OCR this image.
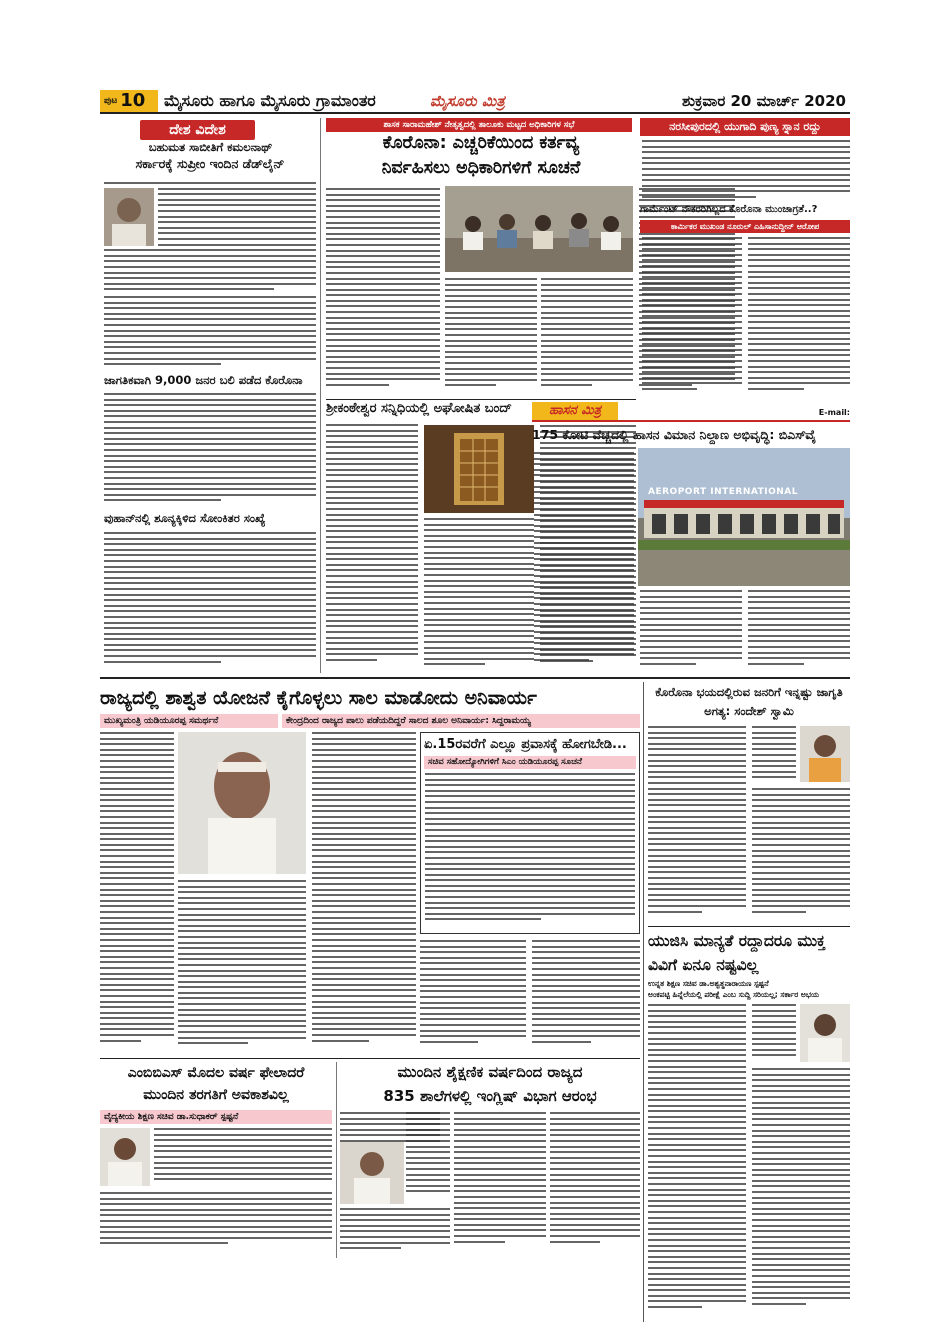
ಪುಟ 10	ಮೈಸೂರು ಹಾಗೂ ಮೈಸೂರು ಗ್ರಾಮಾಂತರ	ಮೈಸೂರು ಮಿತ್ರ	ಶುಕ್ರವಾರ 20 ಮಾರ್ಚ್ 2020
ದೇಶ ವಿದೇಶ
ಬಹುಮತ ಸಾಬೀತಿಗೆ ಕಮಲನಾಥ್
ಸರ್ಕಾರಕ್ಕೆ ಸುಪ್ರೀಂ ಇಂದಿನ ಡೆಡ್‍ಲೈನ್
ಜಾಗತಿಕವಾಗಿ 9,000 ಜನರ ಬಲಿ ಪಡೆದ ಕೊರೊನಾ
ವುಹಾನ್‍ನಲ್ಲಿ ಶೂನ್ಯಕ್ಕಿಳಿದ ಸೋಂಕಿತರ ಸಂಖ್ಯೆ
ಶಾಸಕ ಸಾರಾಮಹೇಶ್ ನೇತೃತ್ವದಲ್ಲಿ ತಾಲೂಕು ಮಟ್ಟದ ಅಧಿಕಾರಿಗಳ ಸಭೆ
ಕೊರೊನಾ: ಎಚ್ಚರಿಕೆಯಿಂದ ಕರ್ತವ್ಯ
ನಿರ್ವಹಿಸಲು ಅಧಿಕಾರಿಗಳಿಗೆ ಸೂಚನೆ
ಶ್ರೀಕಂಠೇಶ್ವರ ಸನ್ನಿಧಿಯಲ್ಲಿ ಅಘೋಷಿತ ಬಂದ್
ನರಸೀಪುರದಲ್ಲಿ ಯುಗಾದಿ ಪುಣ್ಯ ಸ್ನಾನ ರದ್ದು
ಗಾರ್ಮೆಂಟ್ ನೌಕರರಿಗಿಲ್ಲದ ಕೊರೊನಾ ಮುಂಜಾಗ್ರತೆ..?
ಕಾರ್ಮಿಕರ ಮುಖಂಡ ನೂರುಲ್ ಎಹಿಸಾನುದ್ದೀನ್ ಆರೋಪ
ಹಾಸನ ಮಿತ್ರ	E-mail:
175 ಕೋಟಿ ವೆಚ್ಚದಲ್ಲಿ ಹಾಸನ ವಿಮಾನ ನಿಲ್ದಾಣ ಅಭಿವೃದ್ಧಿ: ಬಿಎಸ್‍ವೈ
AEROPORT INTERNATIONAL
ರಾಜ್ಯದಲ್ಲಿ ಶಾಶ್ವತ ಯೋಜನೆ ಕೈಗೊಳ್ಳಲು ಸಾಲ ಮಾಡೋದು ಅನಿವಾರ್ಯ
ಮುಖ್ಯಮಂತ್ರಿ ಯಡಿಯೂರಪ್ಪ ಸಮರ್ಥನೆ	ಕೇಂದ್ರದಿಂದ ರಾಜ್ಯದ ಪಾಲು ಪಡೆಯದಿದ್ದರೆ ಸಾಲದ ಶೂಲ ಅನಿವಾರ್ಯ: ಸಿದ್ದರಾಮಯ್ಯ
ಏ.15ರವರೆಗೆ ಎಲ್ಲೂ ಪ್ರವಾಸಕ್ಕೆ ಹೋಗಬೇಡಿ...
ಸಚಿವ ಸಹೋದ್ಯೋಗಿಗಳಿಗೆ ಸಿಎಂ ಯಡಿಯೂರಪ್ಪ ಸೂಚನೆ
ಕೊರೊನಾ ಭಯದಲ್ಲಿರುವ ಜನರಿಗೆ ಇನ್ನಷ್ಟು ಜಾಗೃತಿ ಅಗತ್ಯ: ಸಂದೇಶ್ ಸ್ವಾಮಿ
ಯುಜಿಸಿ ಮಾನ್ಯತೆ ರದ್ದಾದರೂ ಮುಕ್ತ ವಿವಿಗೆ ಏನೂ ನಷ್ಟವಿಲ್ಲ
ಉನ್ನತ ಶಿಕ್ಷಣ ಸಚಿವ ಡಾ.ಅಶ್ವತ್ಥನಾರಾಯಣ ಸ್ಪಷ್ಟನೆ
ಅಂಕಪಟ್ಟಿ ಹಿನ್ನೆಲೆಯಲ್ಲಿ ಪರೀಕ್ಷೆ ಎಂಬ ಸುದ್ದಿ ಸರಿಯಲ್ಲ; ಸರ್ಕಾರ ಅಭಯ
ಎಂಬಿಬಿಎಸ್ ಮೊದಲ ವರ್ಷ ಫೇಲಾದರೆ
ಮುಂದಿನ ತರಗತಿಗೆ ಅವಕಾಶವಿಲ್ಲ
ವೈದ್ಯಕೀಯ ಶಿಕ್ಷಣ ಸಚಿವ ಡಾ.ಸುಧಾಕರ್ ಸ್ಪಷ್ಟನೆ
ಮುಂದಿನ ಶೈಕ್ಷಣಿಕ ವರ್ಷದಿಂದ ರಾಜ್ಯದ
835 ಶಾಲೆಗಳಲ್ಲಿ ಇಂಗ್ಲಿಷ್ ವಿಭಾಗ ಆರಂಭ
